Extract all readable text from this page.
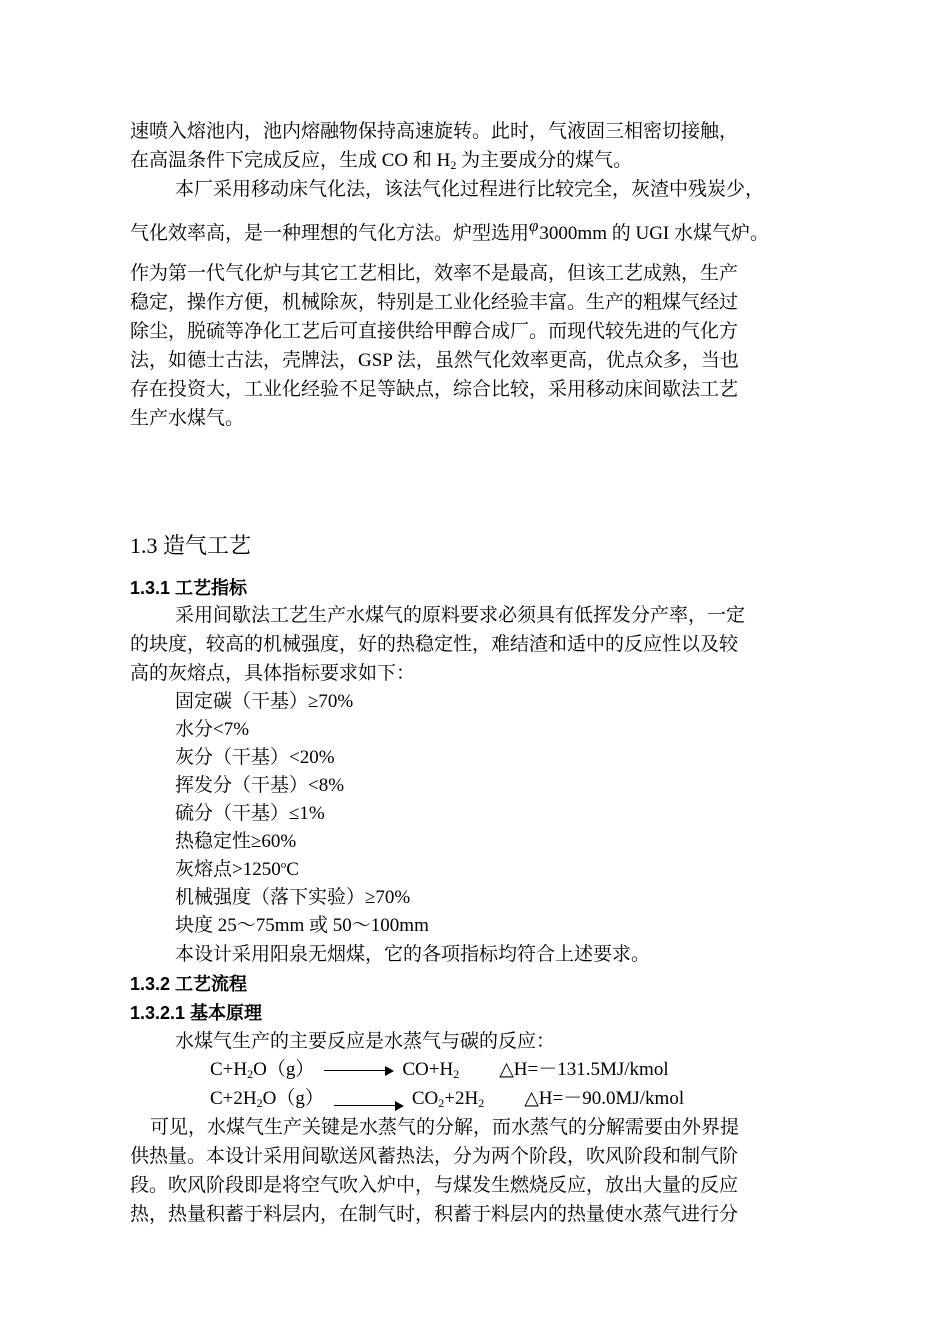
速喷入熔池内，池内熔融物保持高速旋转。此时，气液固三相密切接触，
在高温条件下完成反应，生成 CO 和 $H_2$ 为主要成分的煤气。
本厂采用移动床气化法，该法气化过程进行比较完全，灰渣中残炭少，
气化效率高，是一种理想的气化方法。炉型选用φ3000mm 的 UGI 水煤气炉。
作为第一代气化炉与其它工艺相比，效率不是最高，但该工艺成熟，生产
稳定，操作方便，机械除灰，特别是工业化经验丰富。生产的粗煤气经过
除尘，脱硫等净化工艺后可直接供给甲醇合成厂。而现代较先进的气化方
法，如德士古法，壳牌法，GSP 法，虽然气化效率更高，优点众多，当也
存在投资大，工业化经验不足等缺点，综合比较，采用移动床间歇法工艺
生产水煤气。
1.3 造气工艺
1.3.1 工艺指标
采用间歇法工艺生产水煤气的原料要求必须具有低挥发分产率，一定
的块度，较高的机械强度，好的热稳定性，难结渣和适中的反应性以及较
高的灰熔点，具体指标要求如下：
固定碳（干基）≥70%
水分<7%
灰分（干基）<20%
挥发分（干基）<8%
硫分（干基）≤1%
热稳定性≥60%
灰熔点$>1250^oC$
机械强度（落下实验）≥70%
块度 25～75mm 或 50～100mm
本设计采用阳泉无烟煤，它的各项指标均符合上述要求。
1.3.2 工艺流程
1.3.2.1 基本原理
水煤气生产的主要反应是水蒸气与碳的反应：
$C+H_2O(g)$	$CO+H_2$ △H=－131.5MJ/kmol
$C+2H_2O(g)$	$CO_2+2H_2$ △H=－90.0MJ/kmol
可见，水煤气生产关键是水蒸气的分解，而水蒸气的分解需要由外界提
供热量。本设计采用间歇送风蓄热法，分为两个阶段，吹风阶段和制气阶
段。吹风阶段即是将空气吹入炉中，与煤发生燃烧反应，放出大量的反应
热，热量积蓄于料层内，在制气时，积蓄于料层内的热量使水蒸气进行分
